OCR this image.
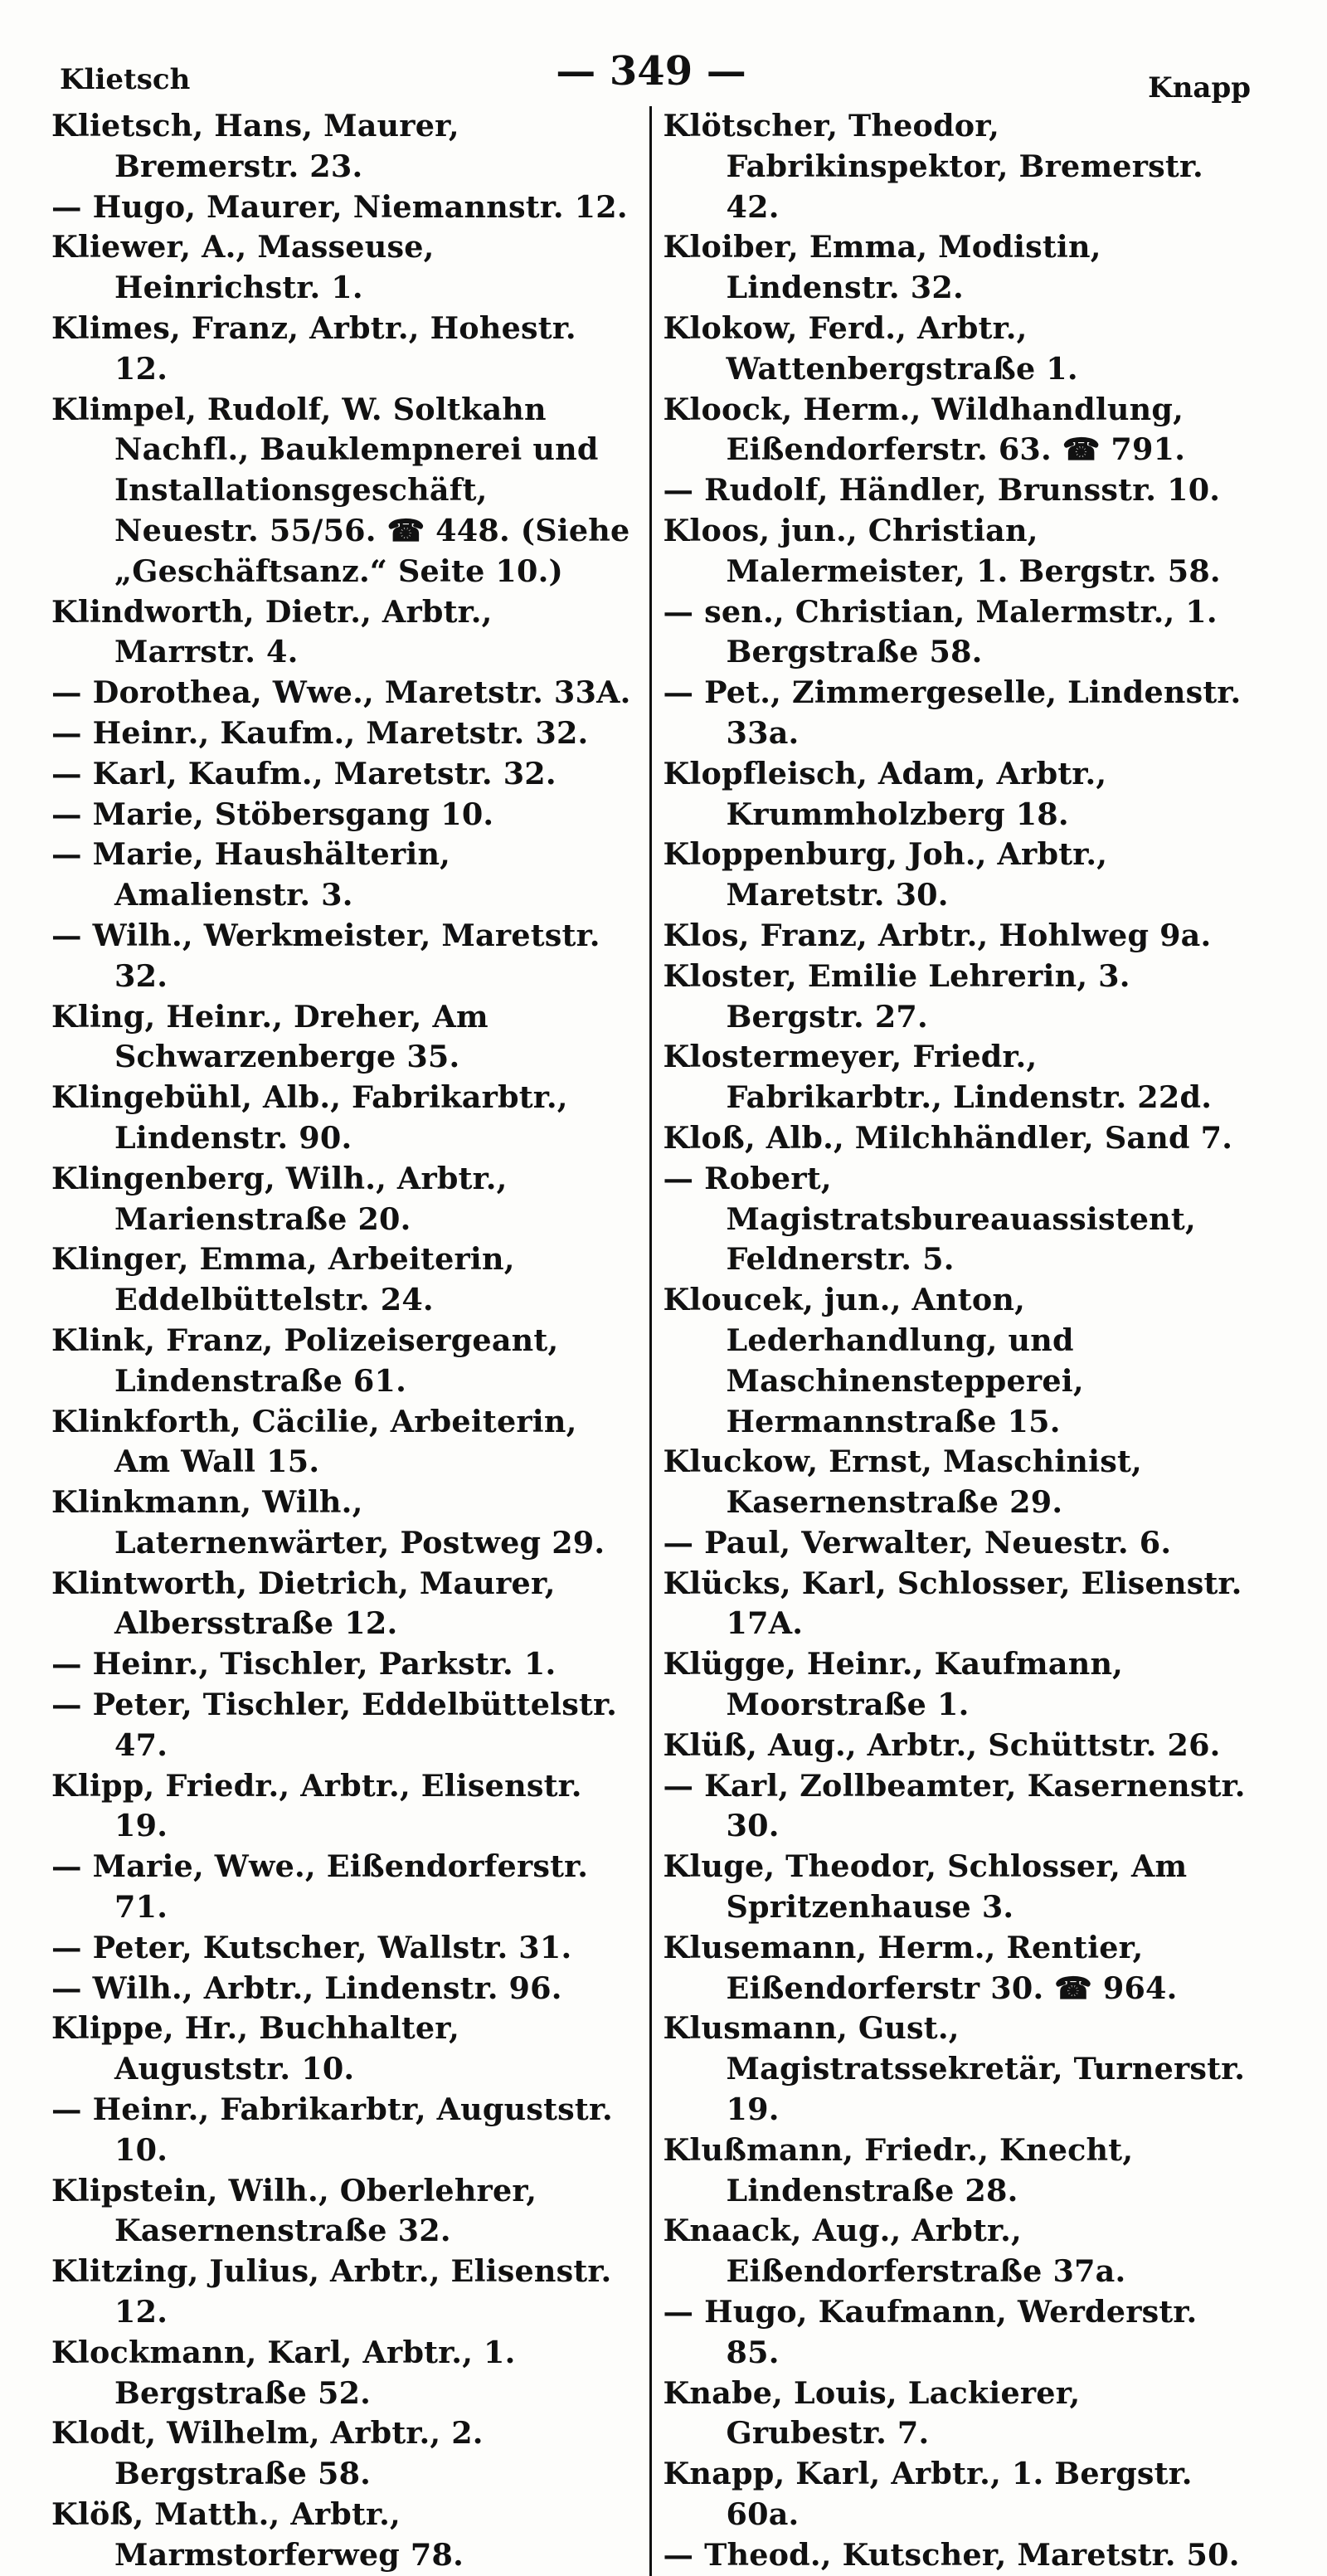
Klietsch	— 349 —	Knapp
Klietsch, Hans, Maurer, Bremerstr. 23.
— Hugo, Maurer, Niemannstr. 12.
Kliewer, A., Masseuse, Heinrichstr. 1.
Klimes, Franz, Arbtr., Hohestr. 12.
Klimpel, Rudolf, W. Soltkahn Nachfl., Bauklempnerei und Installationsgeschäft, Neuestr. 55/56. ☎ 448. (Siehe „Geschäftsanz.“ Seite 10.)
Klindworth, Dietr., Arbtr., Marrstr. 4.
— Dorothea, Wwe., Maretstr. 33A.
— Heinr., Kaufm., Maretstr. 32.
— Karl, Kaufm., Maretstr. 32.
— Marie, Stöbersgang 10.
— Marie, Haushälterin, Amalienstr. 3.
— Wilh., Werkmeister, Maretstr. 32.
Kling, Heinr., Dreher, Am Schwarzenberge 35.
Klingebühl, Alb., Fabrikarbtr., Lindenstr. 90.
Klingenberg, Wilh., Arbtr., Marienstraße 20.
Klinger, Emma, Arbeiterin, Eddelbüttelstr. 24.
Klink, Franz, Polizeisergeant, Lindenstraße 61.
Klinkforth, Cäcilie, Arbeiterin, Am Wall 15.
Klinkmann, Wilh., Laternenwärter, Postweg 29.
Klintworth, Dietrich, Maurer, Albersstraße 12.
— Heinr., Tischler, Parkstr. 1.
— Peter, Tischler, Eddelbüttelstr. 47.
Klipp, Friedr., Arbtr., Elisenstr. 19.
— Marie, Wwe., Eißendorferstr. 71.
— Peter, Kutscher, Wallstr. 31.
— Wilh., Arbtr., Lindenstr. 96.
Klippe, Hr., Buchhalter, Auguststr. 10.
— Heinr., Fabrikarbtr, Auguststr. 10.
Klipstein, Wilh., Oberlehrer, Kasernenstraße 32.
Klitzing, Julius, Arbtr., Elisenstr. 12.
Klockmann, Karl, Arbtr., 1. Bergstraße 52.
Klodt, Wilhelm, Arbtr., 2. Bergstraße 58.
Klöß, Matth., Arbtr., Marmstorferweg 78.
Klötscher, Theodor, Fabrikinspektor, Bremerstr. 42.
Kloiber, Emma, Modistin, Lindenstr. 32.
Klokow, Ferd., Arbtr., Wattenbergstraße 1.
Kloock, Herm., Wildhandlung, Eißendorferstr. 63. ☎ 791.
— Rudolf, Händler, Brunsstr. 10.
Kloos, jun., Christian, Malermeister, 1. Bergstr. 58.
— sen., Christian, Malermstr., 1. Bergstraße 58.
— Pet., Zimmergeselle, Lindenstr. 33a.
Klopfleisch, Adam, Arbtr., Krummholzberg 18.
Kloppenburg, Joh., Arbtr., Maretstr. 30.
Klos, Franz, Arbtr., Hohlweg 9a.
Kloster, Emilie Lehrerin, 3. Bergstr. 27.
Klostermeyer, Friedr., Fabrikarbtr., Lindenstr. 22d.
Kloß, Alb., Milchhändler, Sand 7.
— Robert, Magistratsbureauassistent, Feldnerstr. 5.
Kloucek, jun., Anton, Lederhandlung, und Maschinensteppereі, Hermannstraße 15.
Kluckow, Ernst, Maschinist, Kasernenstraße 29.
— Paul, Verwalter, Neuestr. 6.
Klücks, Karl, Schlosser, Elisenstr. 17A.
Klügge, Heinr., Kaufmann, Moorstraße 1.
Klüß, Aug., Arbtr., Schüttstr. 26.
— Karl, Zollbeamter, Kasernenstr. 30.
Kluge, Theodor, Schlosser, Am Spritzenhause 3.
Klusemann, Herm., Rentier, Eißendorferstr 30. ☎ 964.
Klusmann, Gust., Magistratssekretär, Turnerstr. 19.
Klußmann, Friedr., Knecht, Lindenstraße 28.
Knaack, Aug., Arbtr., Eißendorferstraße 37a.
— Hugo, Kaufmann, Werderstr. 85.
Knabe, Louis, Lackierer, Grubestr. 7.
Knapp, Karl, Arbtr., 1. Bergstr. 60a.
— Theod., Kutscher, Maretstr. 50.
